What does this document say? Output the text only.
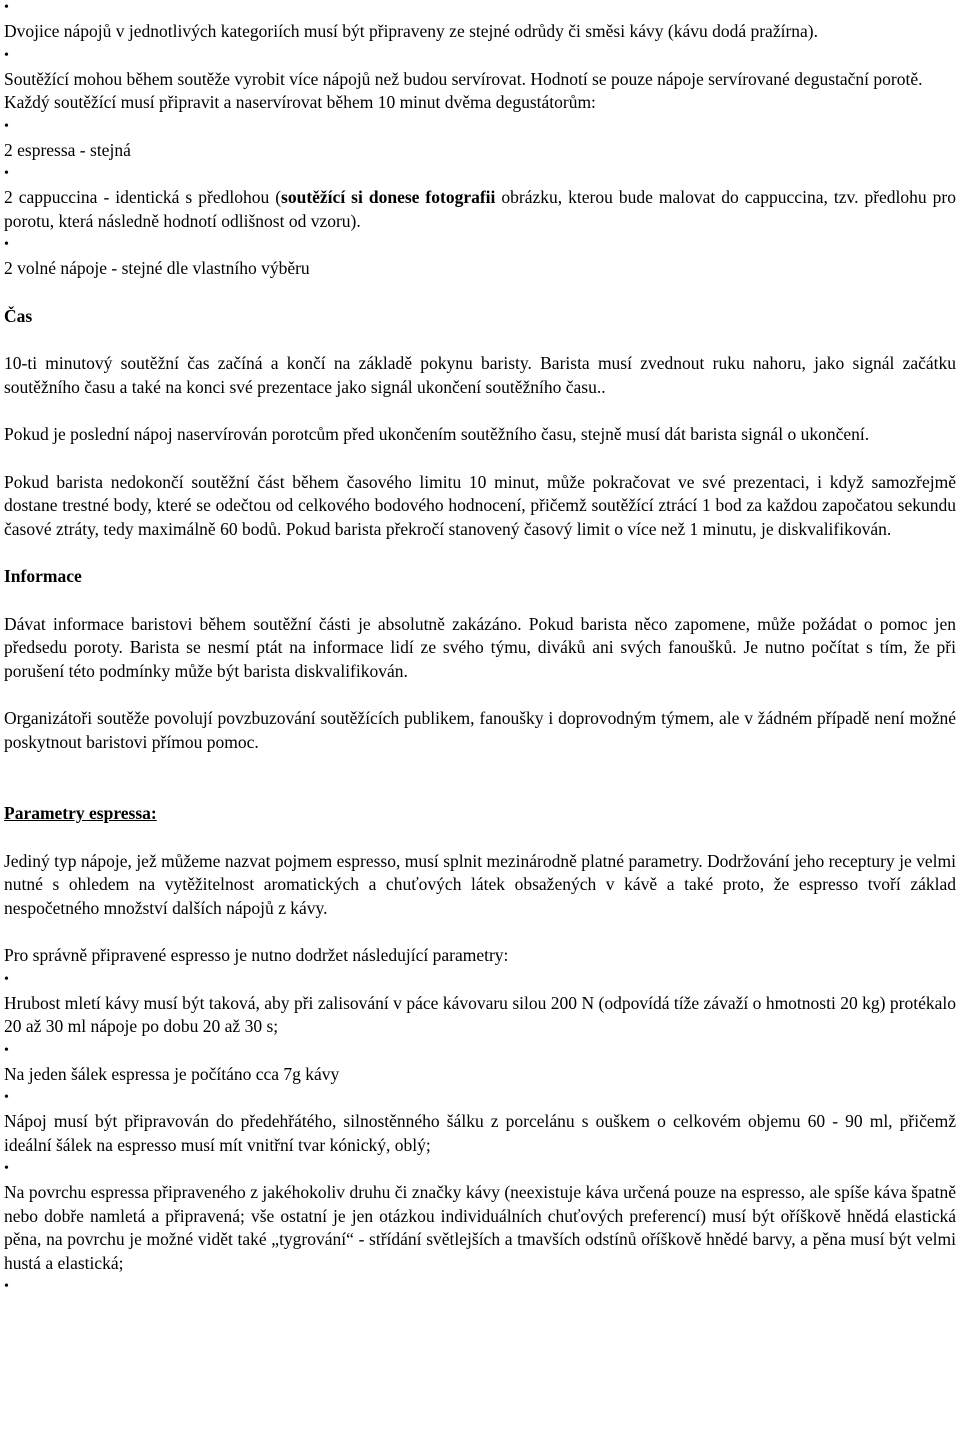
•

Dvojice nápojů v jednotlivých kategoriích musí být připraveny ze stejné odrůdy či směsi kávy (kávu dodá pražírna).

•

Soutěžící mohou během soutěže vyrobit více nápojů než budou servírovat. Hodnotí se pouze nápoje servírované degustační porotě.

Každý soutěžící musí připravit a naservírovat během 10 minut dvěma degustátorům:

•

2 espressa - stejná

•

2 cappuccina - identická s předlohou (soutěžící si donese fotografii obrázku, kterou bude malovat do cappuccina, tzv. předlohu pro porotu, která následně hodnotí odlišnost od vzoru).

•

2 volné nápoje - stejné dle vlastního výběru

Čas

10-ti minutový soutěžní čas začíná a končí na základě pokynu baristy. Barista musí zvednout ruku nahoru, jako signál začátku soutěžního času a také na konci své prezentace jako signál ukončení soutěžního času..

Pokud je poslední nápoj naservírován porotcům před ukončením soutěžního času, stejně musí dát barista signál o ukončení.

Pokud barista nedokončí soutěžní část během časového limitu 10 minut, může pokračovat ve své prezentaci, i když samozřejmě dostane trestné body, které se odečtou od celkového bodového hodnocení, přičemž soutěžící ztrácí 1 bod za každou započatou sekundu časové ztráty, tedy maximálně 60 bodů. Pokud barista překročí stanovený časový limit o více než 1 minutu, je diskvalifikován.

Informace

Dávat informace baristovi během soutěžní části je absolutně zakázáno. Pokud barista něco zapomene, může požádat o pomoc jen předsedu poroty. Barista se nesmí ptát na informace lidí ze svého týmu, diváků ani svých fanoušků. Je nutno počítat s tím, že při porušení této podmínky může být barista diskvalifikován.

Organizátoři soutěže povolují povzbuzování soutěžících publikem, fanoušky i doprovodným týmem, ale v žádném případě není možné poskytnout baristovi přímou pomoc.

Parametry espressa:

Jediný typ nápoje, jež můžeme nazvat pojmem espresso, musí splnit mezinárodně platné parametry. Dodržování jeho receptury je velmi nutné s ohledem na vytěžitelnost aromatických a chuťových látek obsažených v kávě a také proto, že espresso tvoří základ nespočetného množství dalších nápojů z kávy.

Pro správně připravené espresso je nutno dodržet následující parametry:

•

Hrubost mletí kávy musí být taková, aby při zalisování v páce kávovaru silou 200 N (odpovídá tíže závaží o hmotnosti 20 kg) protékalo 20 až 30 ml nápoje po dobu 20 až 30 s;

•

Na jeden šálek espressa je počítáno cca 7g kávy

•

Nápoj musí být připravován do předehřátého, silnostěnného šálku z porcelánu s ouškem o celkovém objemu 60 - 90 ml, přičemž ideální šálek na espresso musí mít vnitřní tvar kónický, oblý;

•

Na povrchu espressa připraveného z jakéhokoliv druhu či značky kávy (neexistuje káva určená pouze na espresso, ale spíše káva špatně nebo dobře namletá a připravená; vše ostatní je jen otázkou individuálních chuťových preferencí) musí být oříškově hnědá elastická pěna, na povrchu je možné vidět také „tygrování“ - střídání světlejších a tmavších odstínů oříškově hnědé barvy, a pěna musí být velmi hustá a elastická;

•
